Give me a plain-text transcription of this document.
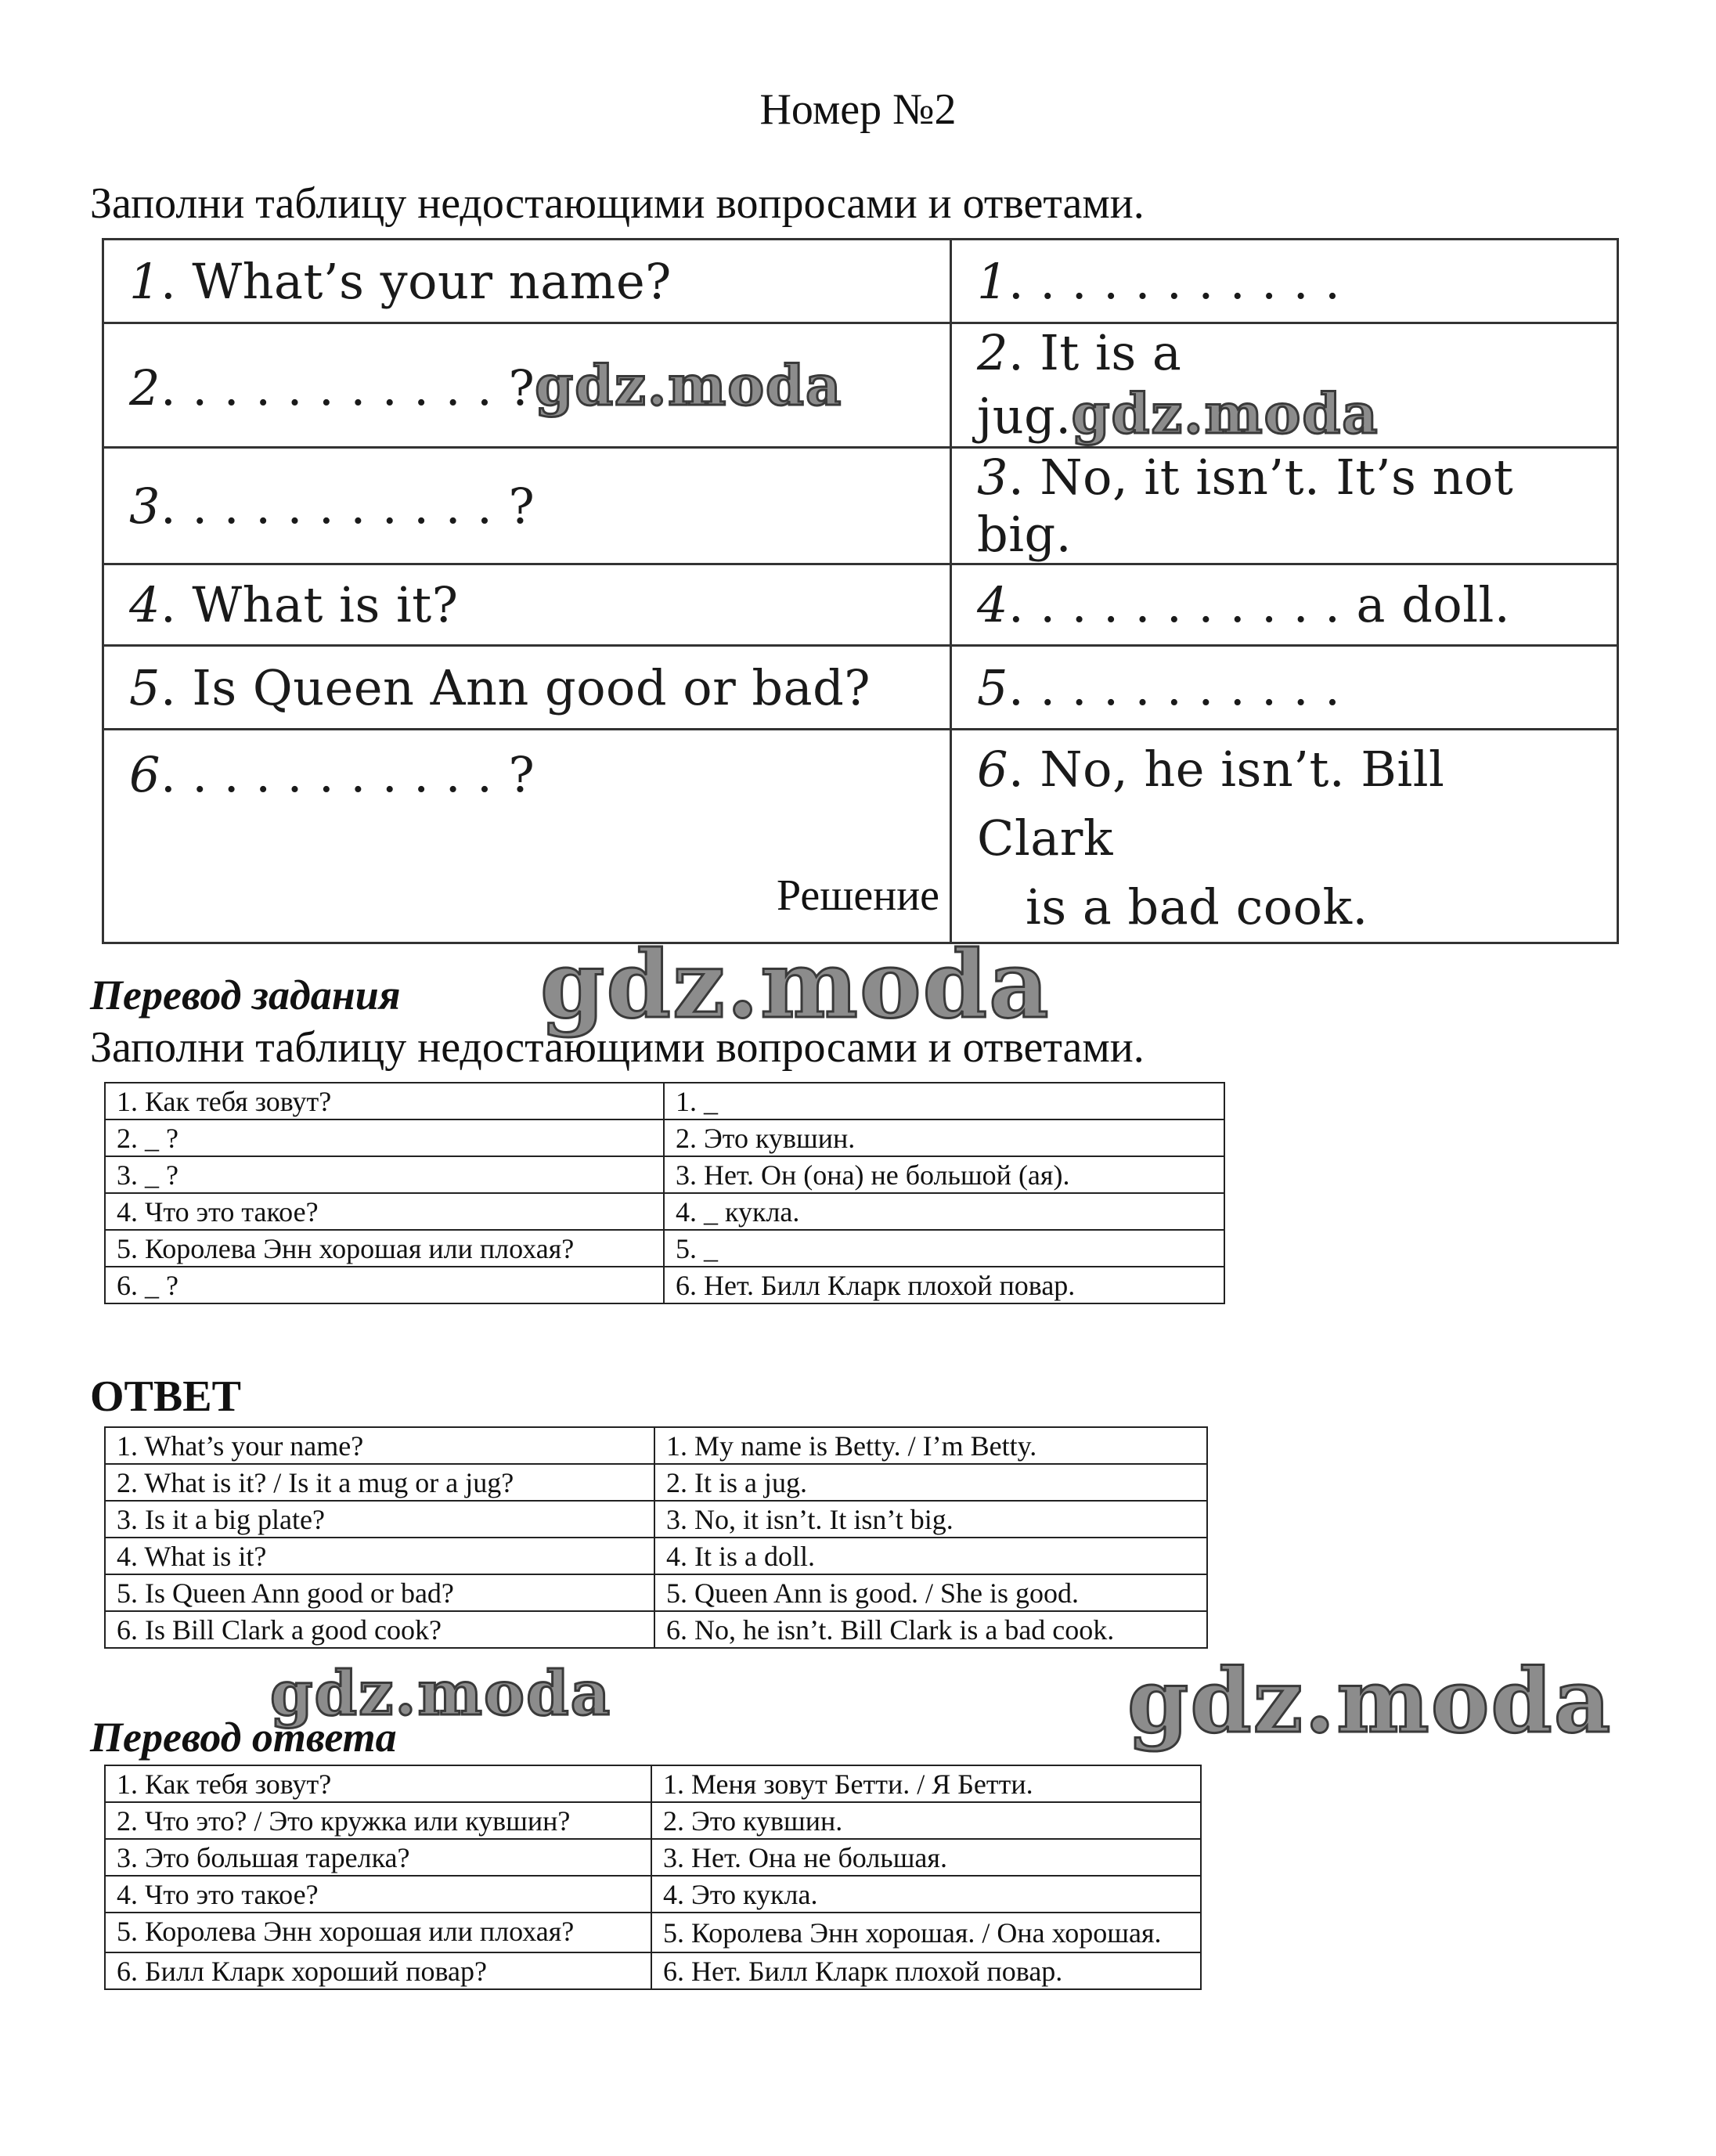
Номер №2
Заполни таблицу недостающими вопросами и ответами.
1. What’s your name?	1. . . . . . . . . . .
2. . . . . . . . . . . ?gdz.moda	2. It is a jug.gdz.moda
3. . . . . . . . . . . ?	3. No, it isn’t. It’s not big.
4. What is it?	4. . . . . . . . . . . a doll.
5. Is Queen Ann good or bad?	5. . . . . . . . . . .
6. . . . . . . . . . . ?	6. No, he isn’t. Bill Clark
is a bad cook.
Решение
gdz.moda
Перевод задания
Заполни таблицу недостающими вопросами и ответами.
1. Как тебя зовут?	1. _
2. _ ?	2. Это кувшин.
3. _ ?	3. Нет. Он (она) не большой (ая).
4. Что это такое?	4. _ кукла.
5. Королева Энн хорошая или плохая?	5. _
6. _ ?	6. Нет. Билл Кларк плохой повар.
ОТВЕТ
1. What’s your name?	1. My name is Betty. / I’m Betty.
2. What is it? / Is it a mug or a jug?	2. It is a jug.
3. Is it a big plate?	3. No, it isn’t. It isn’t big.
4. What is it?	4. It is a doll.
5. Is Queen Ann good or bad?	5. Queen Ann is good. / She is good.
6. Is Bill Clark a good cook?	6. No, he isn’t. Bill Clark is a bad cook.
gdz.moda	gdz.moda
Перевод ответа
1. Как тебя зовут?	1. Меня зовут Бетти. / Я Бетти.
2. Что это? / Это кружка или кувшин?	2. Это кувшин.
3. Это большая тарелка?	3. Нет. Она не большая.
4. Что это такое?	4. Это кукла.
5. Королева Энн хорошая или плохая?	5. Королева Энн хорошая. / Она хорошая.
6. Билл Кларк хороший повар?	6. Нет. Билл Кларк плохой повар.
